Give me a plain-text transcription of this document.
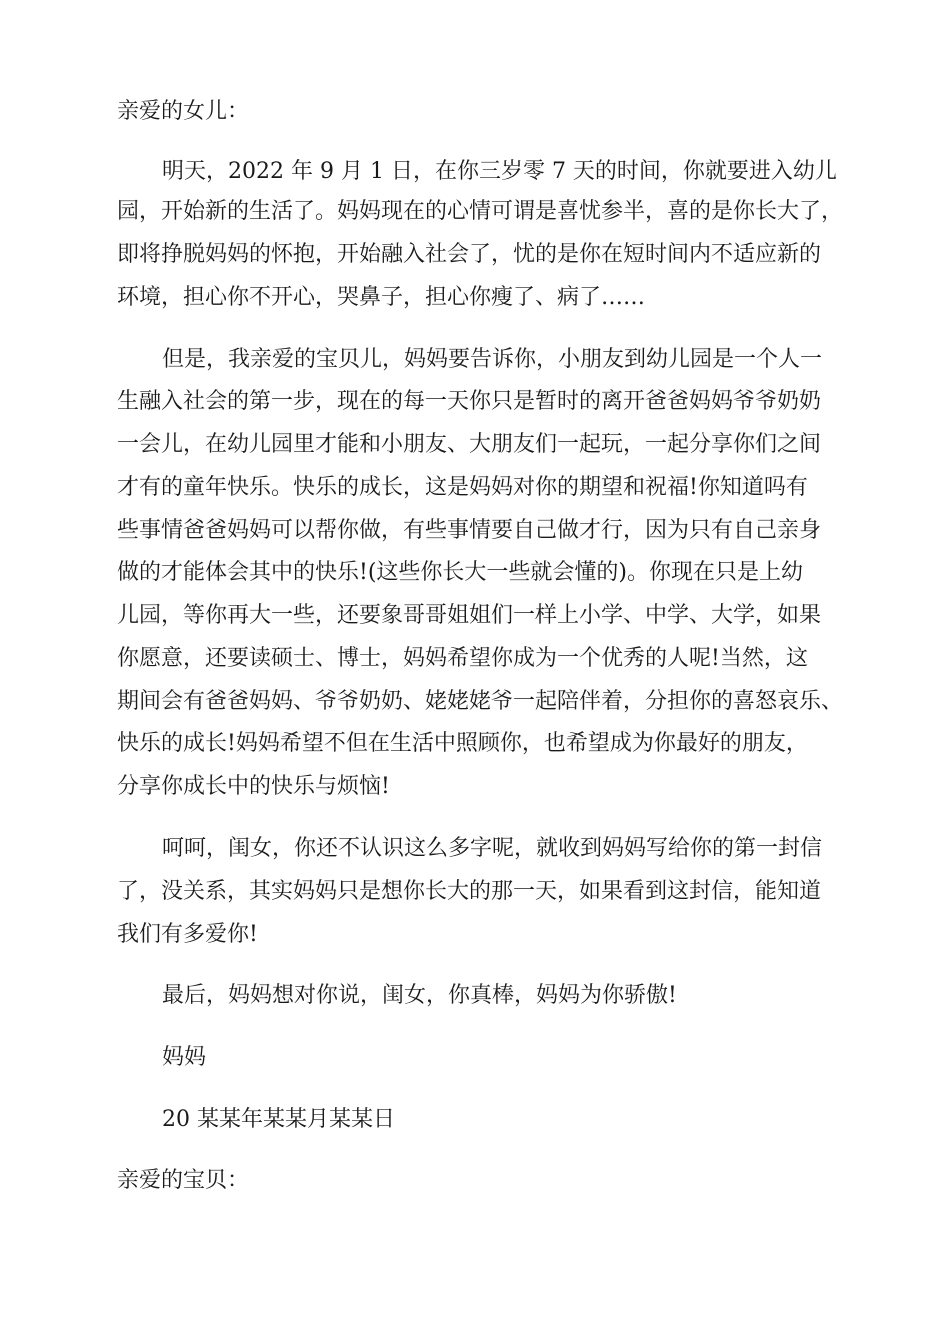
亲爱的女儿：
明天，2022 年 9 月 1 日，在你三岁零 7 天的时间，你就要进入幼儿
园，开始新的生活了。妈妈现在的心情可谓是喜忧参半，喜的是你长大了，
即将挣脱妈妈的怀抱，开始融入社会了，忧的是你在短时间内不适应新的
环境，担心你不开心，哭鼻子，担心你瘦了、病了……
但是，我亲爱的宝贝儿，妈妈要告诉你，小朋友到幼儿园是一个人一
生融入社会的第一步，现在的每一天你只是暂时的离开爸爸妈妈爷爷奶奶
一会儿，在幼儿园里才能和小朋友、大朋友们一起玩，一起分享你们之间
才有的童年快乐。快乐的成长，这是妈妈对你的期望和祝福!你知道吗有
些事情爸爸妈妈可以帮你做，有些事情要自己做才行，因为只有自己亲身
做的才能体会其中的快乐!(这些你长大一些就会懂的)。你现在只是上幼
儿园，等你再大一些，还要象哥哥姐姐们一样上小学、中学、大学，如果
你愿意，还要读硕士、博士，妈妈希望你成为一个优秀的人呢!当然，这
期间会有爸爸妈妈、爷爷奶奶、姥姥姥爷一起陪伴着，分担你的喜怒哀乐、
快乐的成长!妈妈希望不但在生活中照顾你，也希望成为你最好的朋友，
分享你成长中的快乐与烦恼!
呵呵，闺女，你还不认识这么多字呢，就收到妈妈写给你的第一封信
了，没关系，其实妈妈只是想你长大的那一天，如果看到这封信，能知道
我们有多爱你!
最后，妈妈想对你说，闺女，你真棒，妈妈为你骄傲!
妈妈
20 某某年某某月某某日
亲爱的宝贝：
